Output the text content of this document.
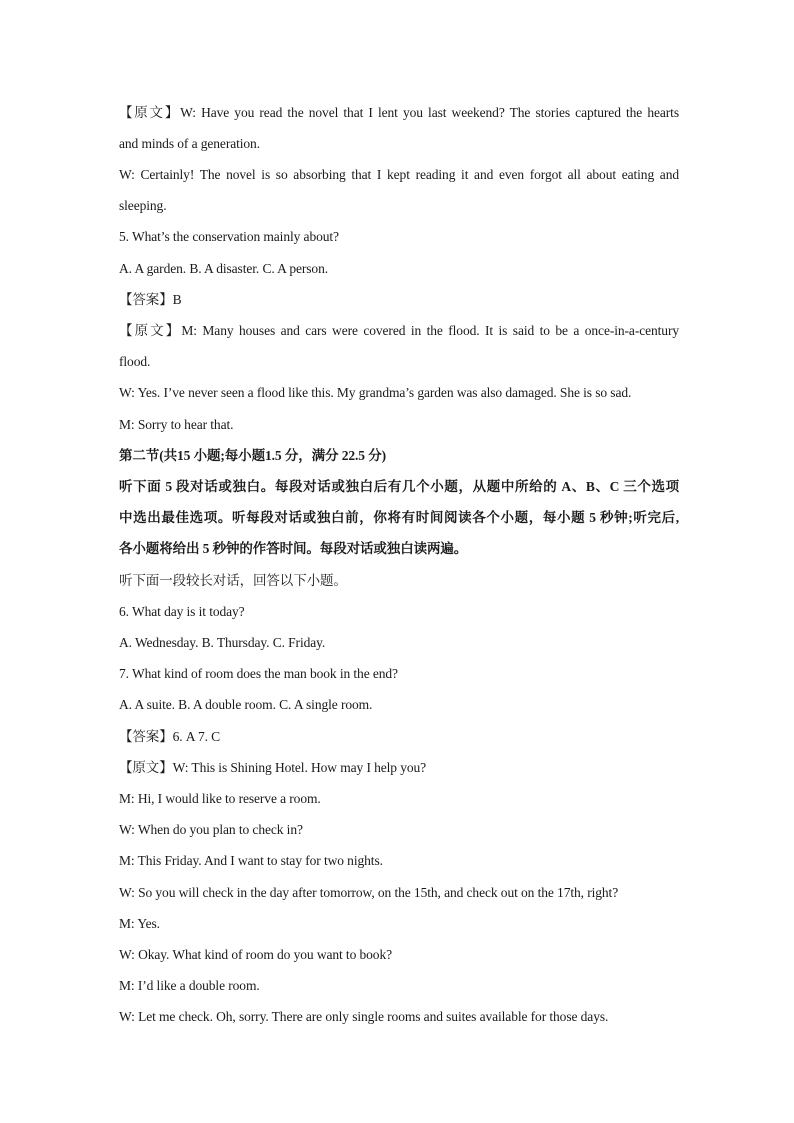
【原文】W: Have you read the novel that I lent you last weekend? The stories captured the hearts
and minds of a generation.
W: Certainly! The novel is so absorbing that I kept reading it and even forgot all about eating and
sleeping.
5. What’s the conservation mainly about?
A. A garden. B. A disaster. C. A person.
【答案】B
【原文】M: Many houses and cars were covered in the flood. It is said to be a once-in-a-century
flood.
W: Yes. I’ve never seen a flood like this. My grandma’s garden was also damaged. She is so sad.
M: Sorry to hear that.
第二节(共15 小题;每小题1.5 分，满分 22.5 分)
听下面 5 段对话或独白。每段对话或独白后有几个小题，从题中所给的 A、B、C 三个选项
中选出最佳选项。听每段对话或独白前，你将有时间阅读各个小题，每小题 5 秒钟;听完后,
各小题将给出 5 秒钟的作答时间。每段对话或独白读两遍。
听下面一段较长对话，回答以下小题。
6. What day is it today?
A. Wednesday. B. Thursday. C. Friday.
7. What kind of room does the man book in the end?
A. A suite. B. A double room. C. A single room.
【答案】6. A 7. C
【原文】W: This is Shining Hotel. How may I help you?
M: Hi, I would like to reserve a room.
W: When do you plan to check in?
M: This Friday. And I want to stay for two nights.
W: So you will check in the day after tomorrow, on the 15th, and check out on the 17th, right?
M: Yes.
W: Okay. What kind of room do you want to book?
M: I’d like a double room.
W: Let me check. Oh, sorry. There are only single rooms and suites available for those days.
